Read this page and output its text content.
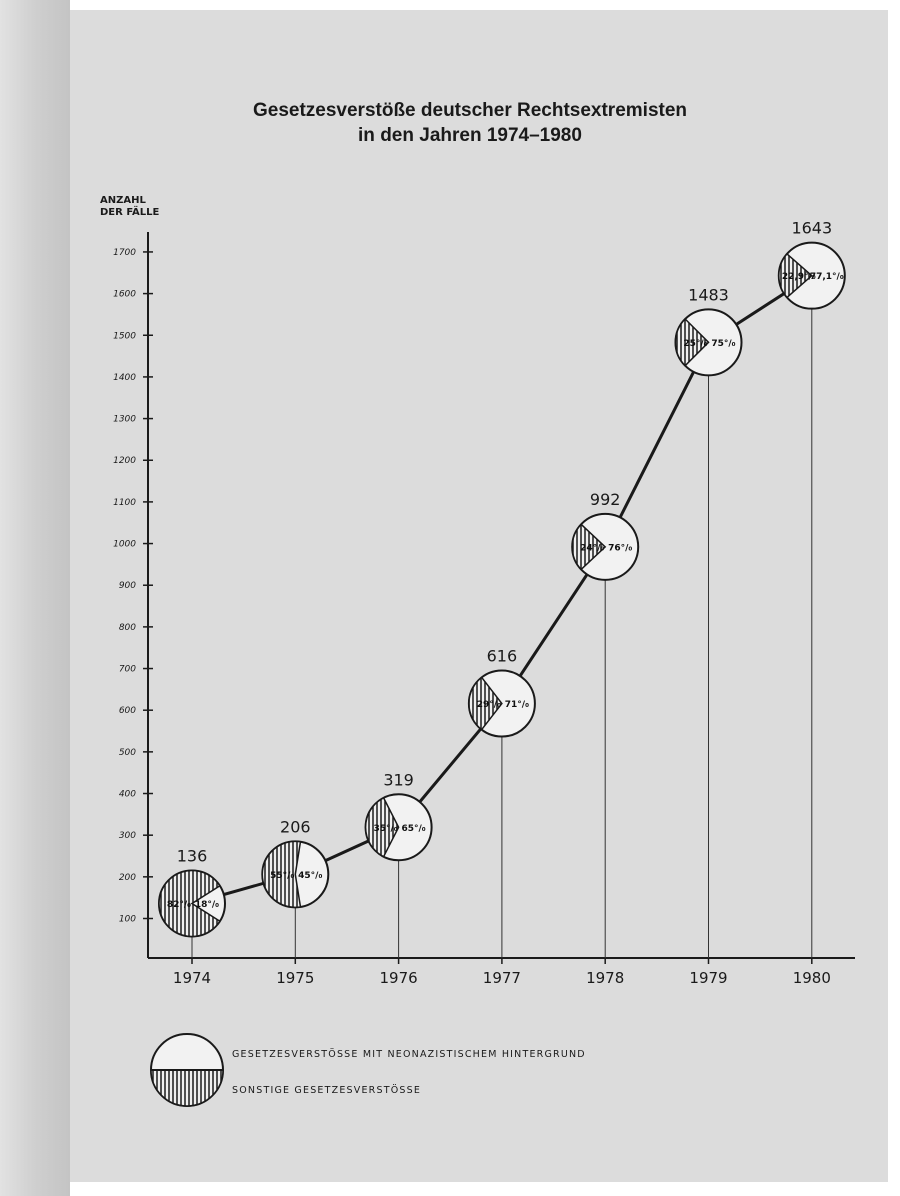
Gesetzesverstöße deutscher Rechtsextremisten
in den Jahren 1974–1980
ANZAHL
DER FÄLLE
100
200
300
400
500
600
700
800
900
1000
1100
1200
1300
1400
1500
1600
1700
1974	1975	1976	1977	1978	1979	1980
82°/₀ 18°/₀
55°/₀ 45°/₀
35°/₀ 65°/₀
29°/₀ 71°/₀
24°/₀ 76°/₀
25°/₀ 75°/₀
22,9°/₀
77,1°/₀
136
206
319
616
992
1483
1643
GESETZESVERSTÖSSE MIT NEONAZISTISCHEM HINTERGRUND
SONSTIGE GESETZESVERSTÖSSE
